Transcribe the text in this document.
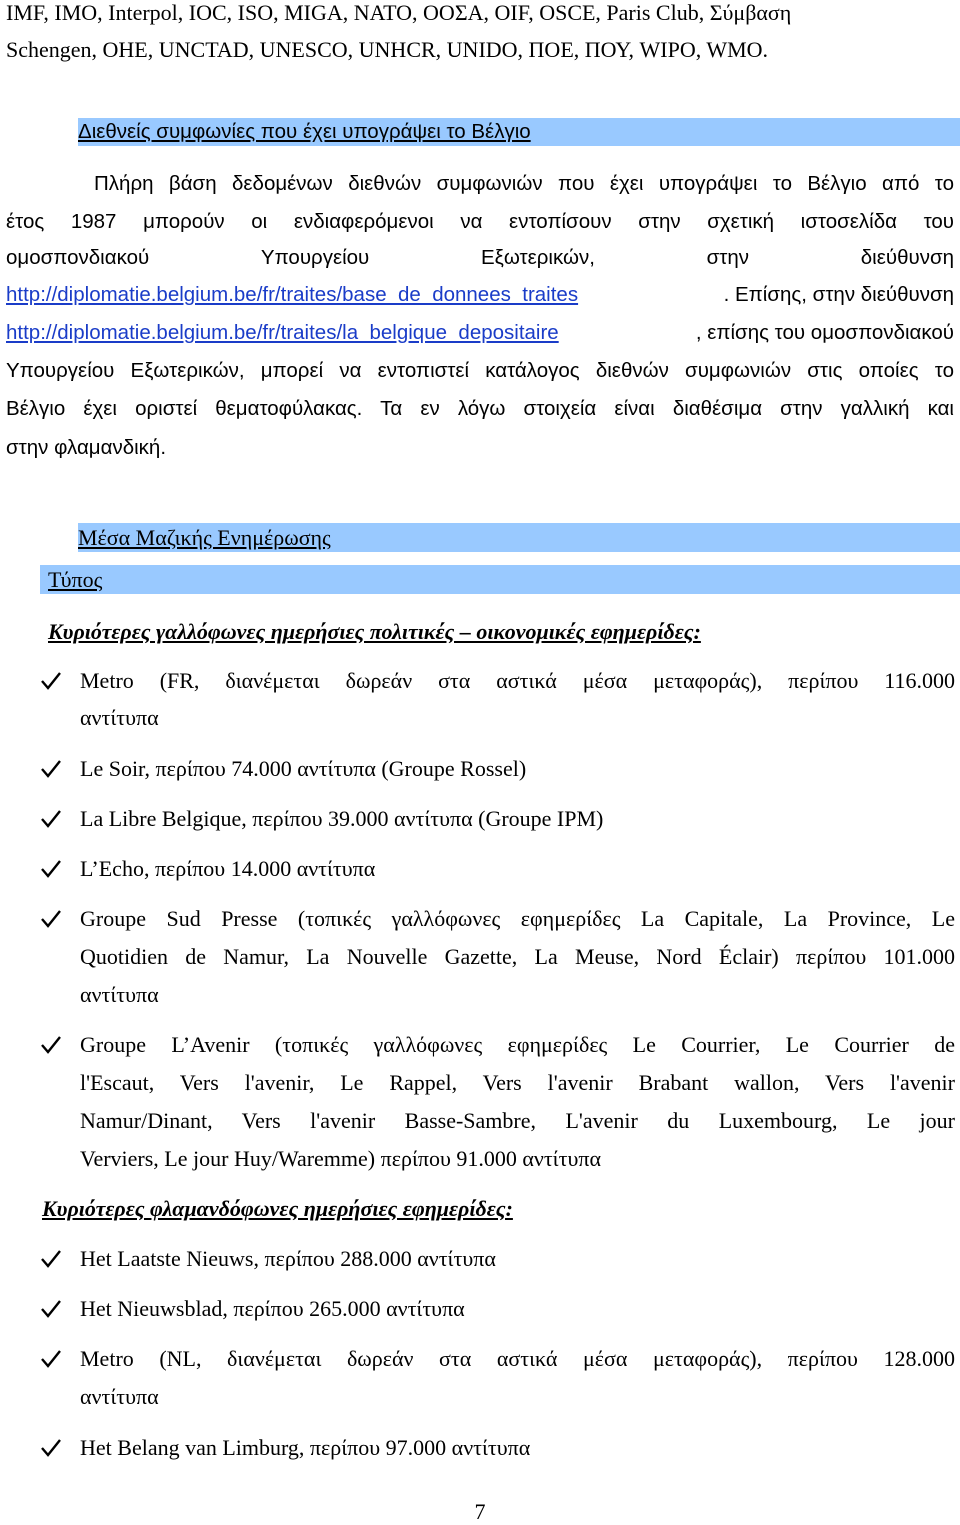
IMF, IMO, Interpol, IOC, ISO, MIGA, NATO, ΟΟΣΑ, OIF, OSCE, Paris Club, Σύμβαση
Schengen, ΟΗΕ, UNCTAD, UNESCO, UNHCR, UNIDO, ΠΟΕ, ΠΟΥ, WIPO, WMO.
Διεθνείς συμφωνίες που έχει υπογράψει το Βέλγιο
Πλήρη βάση δεδομένων διεθνών συμφωνιών που έχει υπογράψει το Βέλγιο από το
έτος 1987 μπορούν οι ενδιαφερόμενοι να εντοπίσουν στην σχετική ιστοσελίδα του
ομοσπονδιακού	Υπουργείου	Εξωτερικών,	στην	διεύθυνση
http://diplomatie.belgium.be/fr/traites/base_de_donnees_traites	. Επίσης, στην διεύθυνση
http://diplomatie.belgium.be/fr/traites/la_belgique_depositaire	, επίσης του ομοσπονδιακού
Υπουργείου Εξωτερικών, μπορεί να εντοπιστεί κατάλογος διεθνών συμφωνιών στις οποίες το
Βέλγιο έχει οριστεί θεματοφύλακας. Τα εν λόγω στοιχεία είναι διαθέσιμα στην γαλλική και
στην φλαμανδική.
Μέσα Μαζικής Ενημέρωσης
Τύπος
Κυριότερες γαλλόφωνες ημερήσιες πολιτικές – οικονομικές εφημερίδες:
Metro (FR, διανέμεται δωρεάν στα αστικά μέσα μεταφοράς), περίπου 116.000
αντίτυπα
Le Soir, περίπου 74.000 αντίτυπα (Groupe Rossel)
La Libre Belgique, περίπου 39.000 αντίτυπα (Groupe IPM)
L’Echo, περίπου 14.000 αντίτυπα
Groupe Sud Presse (τοπικές γαλλόφωνες εφημερίδες La Capitale, La Province, Le
Quotidien de Namur, La Nouvelle Gazette, La Meuse, Nord Éclair) περίπου 101.000
αντίτυπα
Groupe L’Avenir (τοπικές γαλλόφωνες εφημερίδες Le Courrier, Le Courrier de
l'Escaut, Vers l'avenir, Le Rappel, Vers l'avenir Brabant wallon, Vers l'avenir
Namur/Dinant, Vers l'avenir Basse-Sambre, L'avenir du Luxembourg, Le jour
Verviers, Le jour Huy/Waremme) περίπου 91.000 αντίτυπα
Κυριότερες φλαμανδόφωνες ημερήσιες εφημερίδες:
Het Laatste Nieuws, περίπου 288.000 αντίτυπα
Het Nieuwsblad, περίπου 265.000 αντίτυπα
Metro (NL, διανέμεται δωρεάν στα αστικά μέσα μεταφοράς), περίπου 128.000
αντίτυπα
Het Belang van Limburg, περίπου 97.000 αντίτυπα
7
